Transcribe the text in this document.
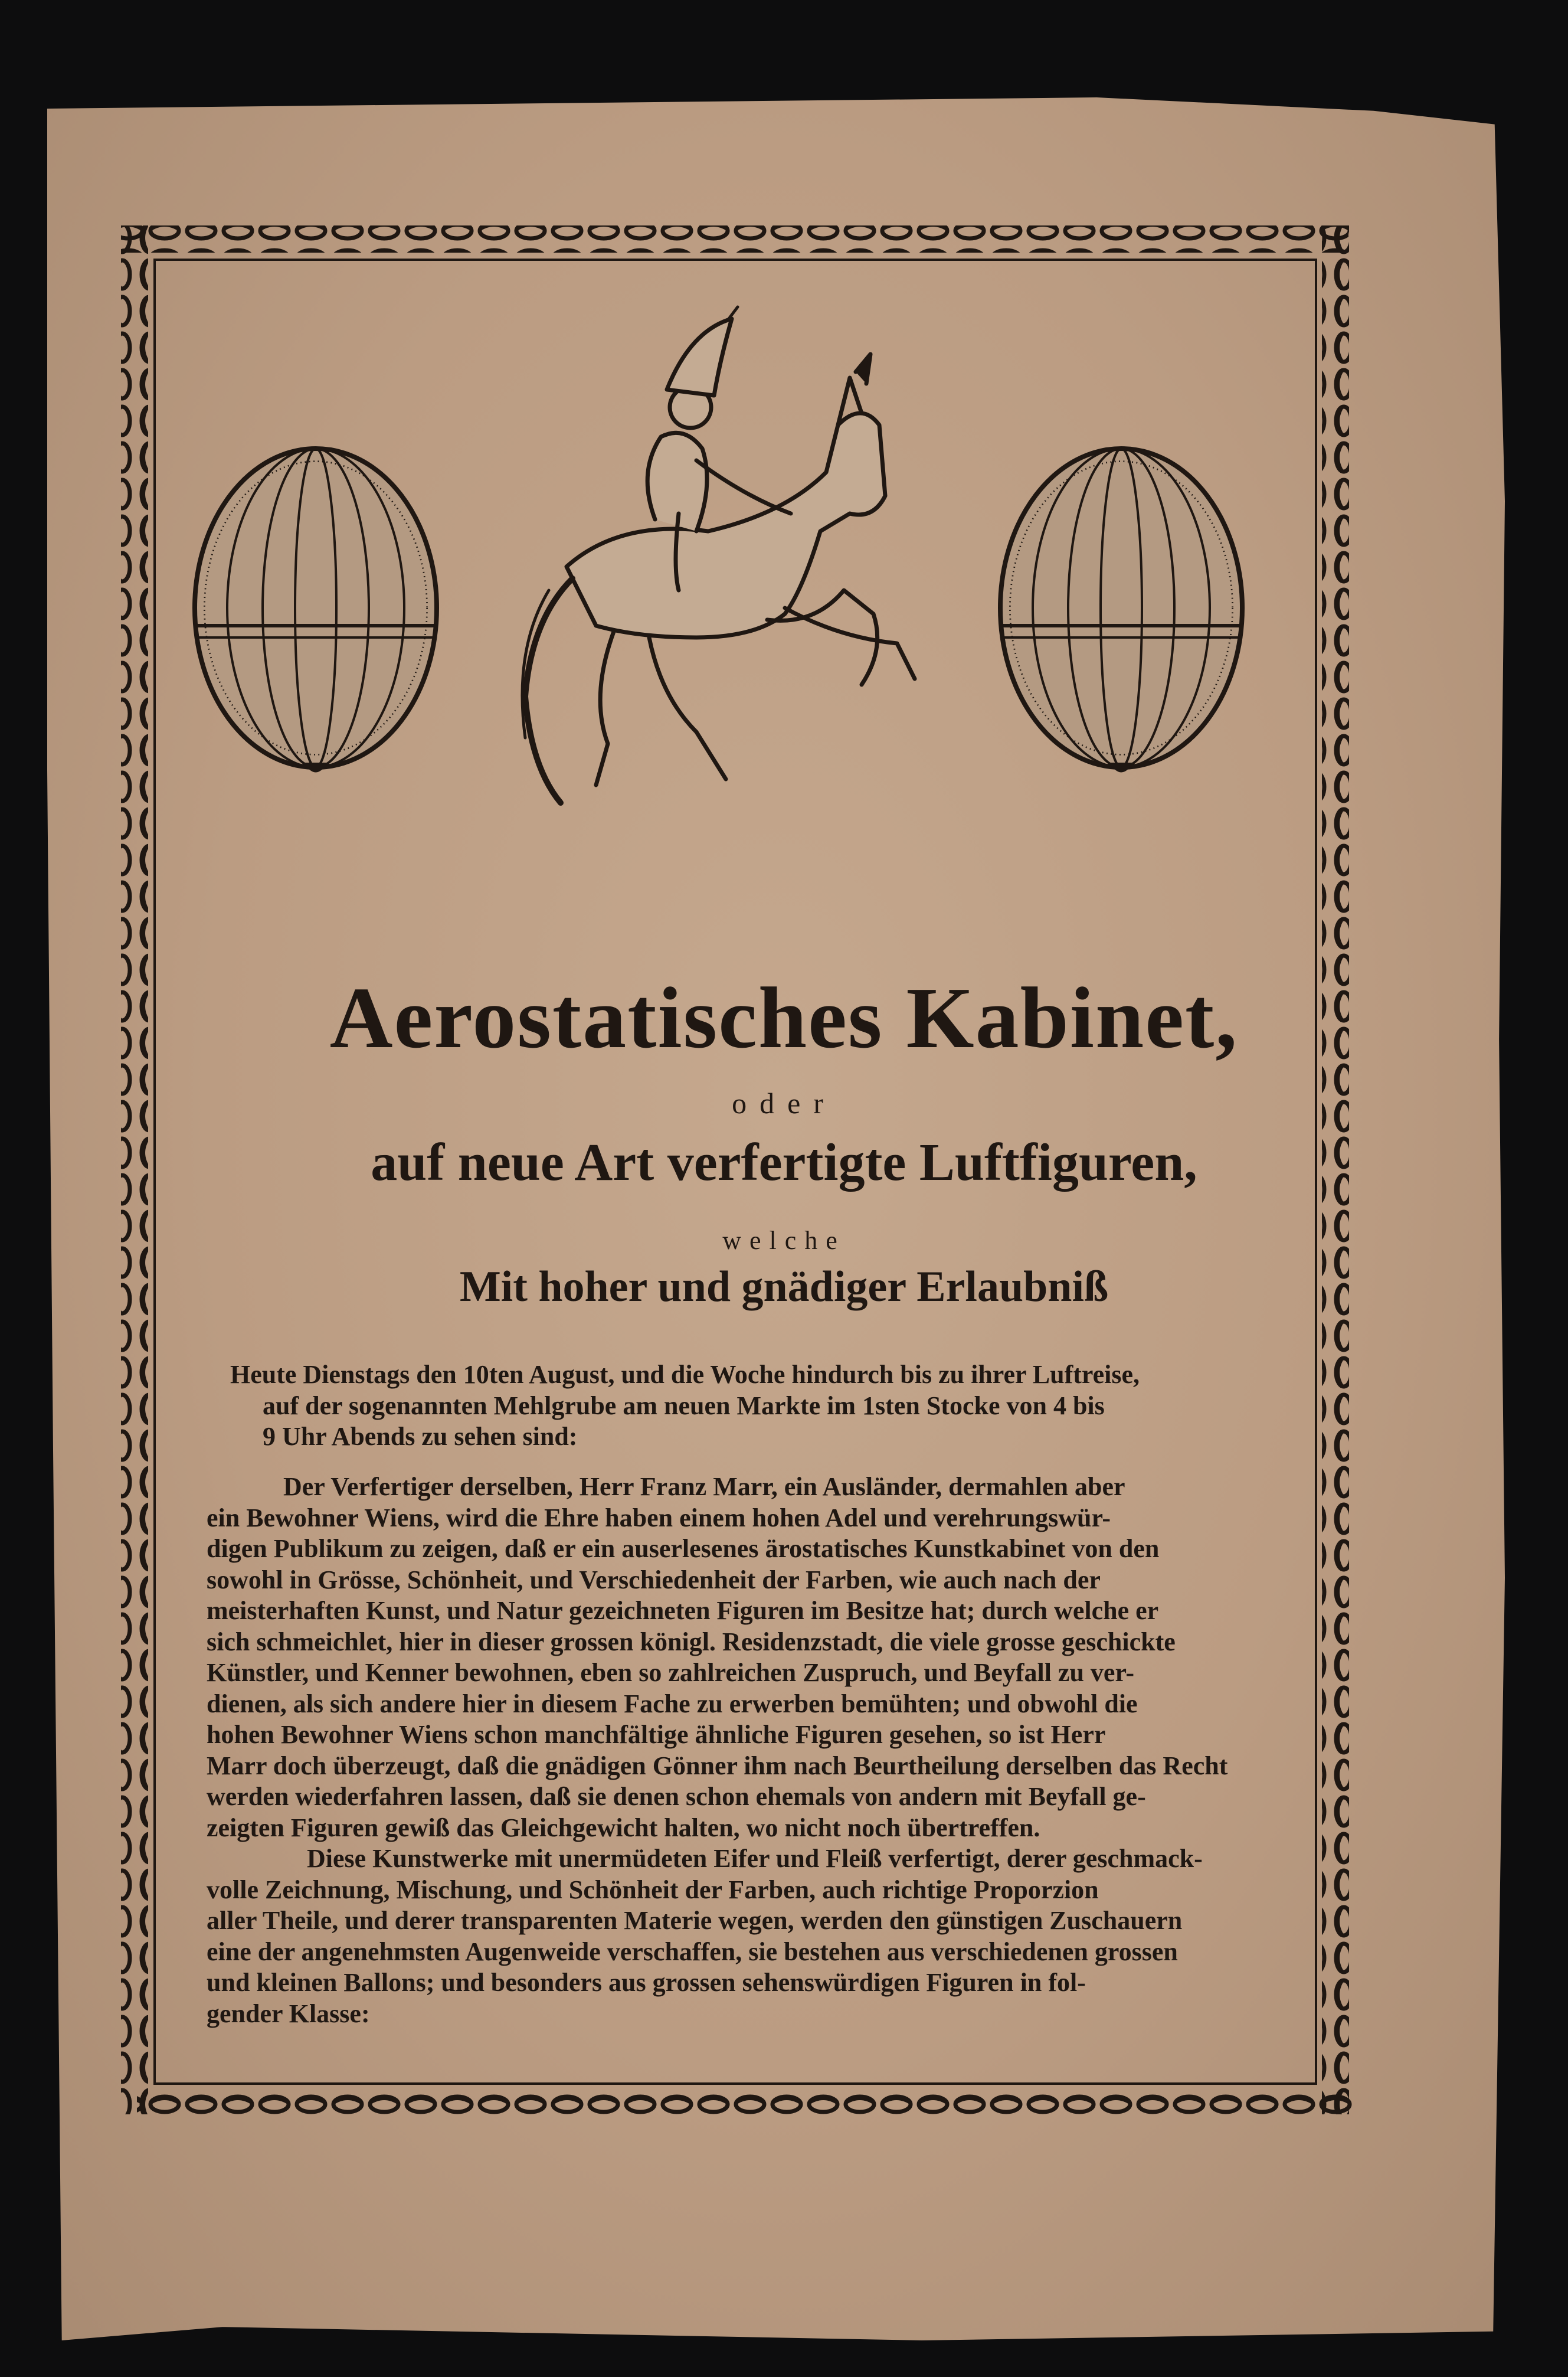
Aerostatisches Kabinet,
oder
auf neue Art verfertigte Luftfiguren,
welche
Mit hoher und gnädiger Erlaubniß
Heute Dienstags den 10ten August, und die Woche hindurch bis zu ihrer Luftreise,
auf der sogenannten Mehlgrube am neuen Markte im 1sten Stocke von 4 bis
9 Uhr Abends zu sehen sind:
Der Verfertiger derselben, Herr Franz Marr, ein Ausländer, dermahlen aber
ein Bewohner Wiens, wird die Ehre haben einem hohen Adel und verehrungswür-
digen Publikum zu zeigen, daß er ein auserlesenes ärostatisches Kunstkabinet von den
sowohl in Grösse, Schönheit, und Verschiedenheit der Farben, wie auch nach der
meisterhaften Kunst, und Natur gezeichneten Figuren im Besitze hat; durch welche er
sich schmeichlet, hier in dieser grossen königl. Residenzstadt, die viele grosse geschickte
Künstler, und Kenner bewohnen, eben so zahlreichen Zuspruch, und Beyfall zu ver-
dienen, als sich andere hier in diesem Fache zu erwerben bemühten; und obwohl die
hohen Bewohner Wiens schon manchfältige ähnliche Figuren gesehen, so ist Herr
Marr doch überzeugt, daß die gnädigen Gönner ihm nach Beurtheilung derselben das Recht
werden wiederfahren lassen, daß sie denen schon ehemals von andern mit Beyfall ge-
zeigten Figuren gewiß das Gleichgewicht halten, wo nicht noch übertreffen.
Diese Kunstwerke mit unermüdeten Eifer und Fleiß verfertigt, derer geschmack-
volle Zeichnung, Mischung, und Schönheit der Farben, auch richtige Proporzion
aller Theile, und derer transparenten Materie wegen, werden den günstigen Zuschauern
eine der angenehmsten Augenweide verschaffen, sie bestehen aus verschiedenen grossen
und kleinen Ballons; und besonders aus grossen sehenswürdigen Figuren in fol-
gender Klasse:
